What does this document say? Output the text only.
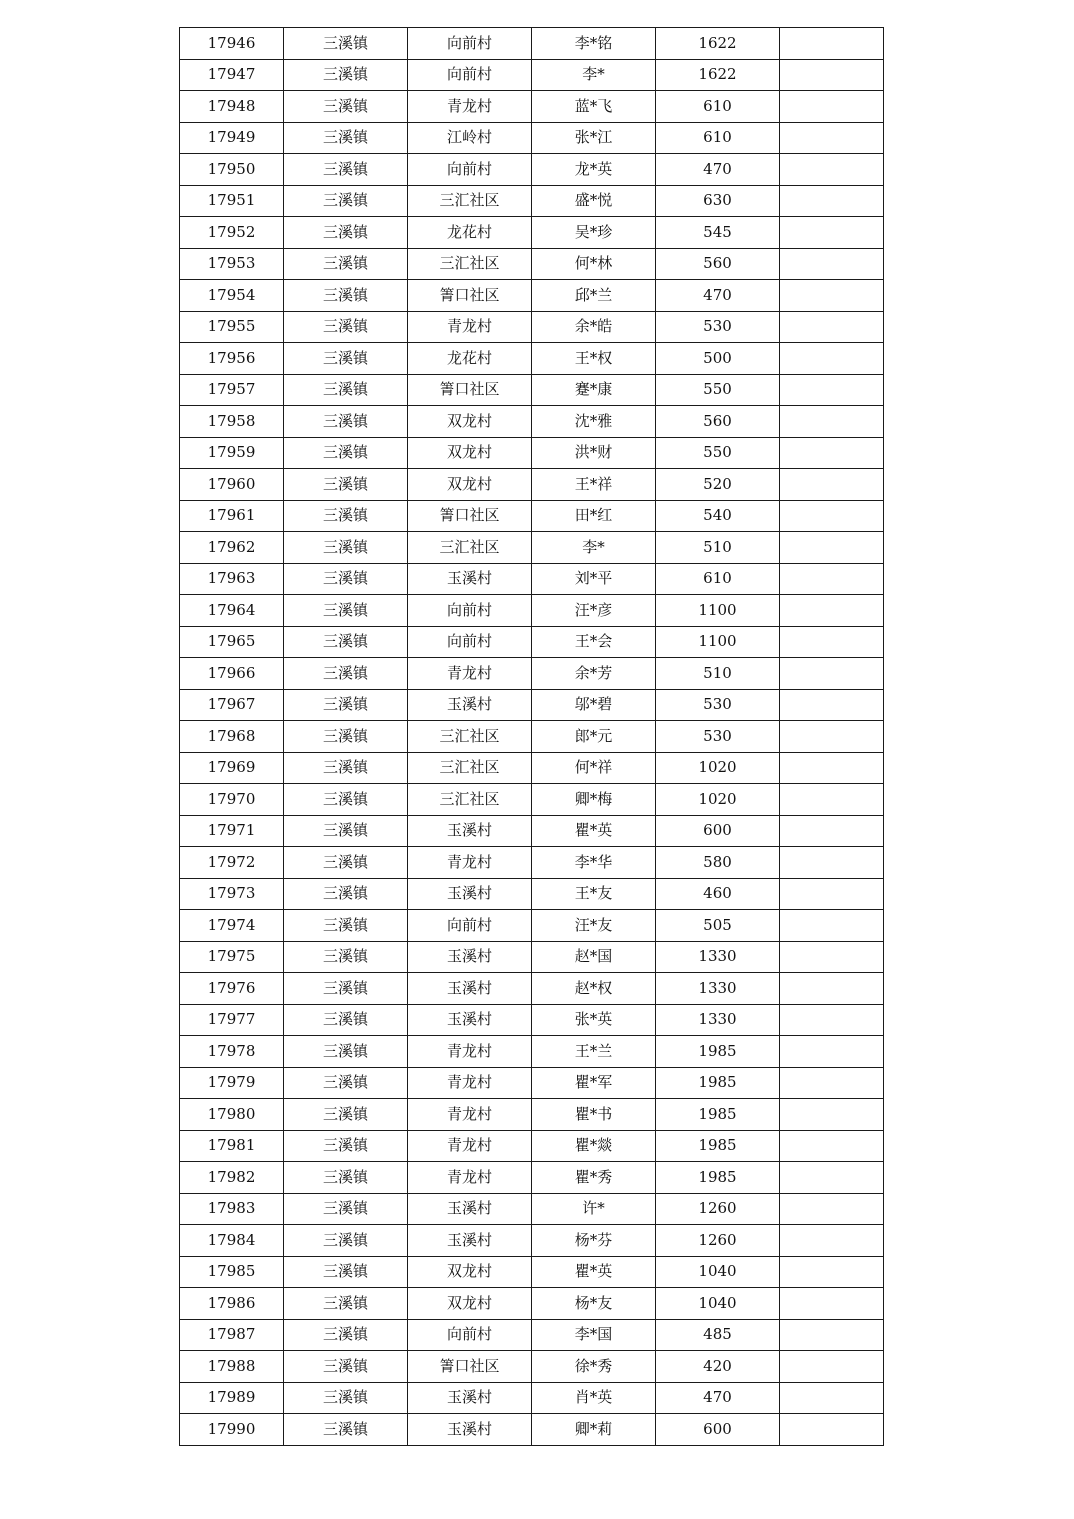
17946	三溪镇	向前村	李*铭	1622	
17947	三溪镇	向前村	李*	1622	
17948	三溪镇	青龙村	蓝*飞	610	
17949	三溪镇	江岭村	张*江	610	
17950	三溪镇	向前村	龙*英	470	
17951	三溪镇	三汇社区	盛*悦	630	
17952	三溪镇	龙花村	吴*珍	545	
17953	三溪镇	三汇社区	何*林	560	
17954	三溪镇	箐口社区	邱*兰	470	
17955	三溪镇	青龙村	余*皓	530	
17956	三溪镇	龙花村	王*权	500	
17957	三溪镇	箐口社区	蹇*康	550	
17958	三溪镇	双龙村	沈*雅	560	
17959	三溪镇	双龙村	洪*财	550	
17960	三溪镇	双龙村	王*祥	520	
17961	三溪镇	箐口社区	田*红	540	
17962	三溪镇	三汇社区	李*	510	
17963	三溪镇	玉溪村	刘*平	610	
17964	三溪镇	向前村	汪*彦	1100	
17965	三溪镇	向前村	王*会	1100	
17966	三溪镇	青龙村	余*芳	510	
17967	三溪镇	玉溪村	邬*碧	530	
17968	三溪镇	三汇社区	郎*元	530	
17969	三溪镇	三汇社区	何*祥	1020	
17970	三溪镇	三汇社区	卿*梅	1020	
17971	三溪镇	玉溪村	瞿*英	600	
17972	三溪镇	青龙村	李*华	580	
17973	三溪镇	玉溪村	王*友	460	
17974	三溪镇	向前村	汪*友	505	
17975	三溪镇	玉溪村	赵*国	1330	
17976	三溪镇	玉溪村	赵*权	1330	
17977	三溪镇	玉溪村	张*英	1330	
17978	三溪镇	青龙村	王*兰	1985	
17979	三溪镇	青龙村	瞿*军	1985	
17980	三溪镇	青龙村	瞿*书	1985	
17981	三溪镇	青龙村	瞿*燚	1985	
17982	三溪镇	青龙村	瞿*秀	1985	
17983	三溪镇	玉溪村	许*	1260	
17984	三溪镇	玉溪村	杨*芬	1260	
17985	三溪镇	双龙村	瞿*英	1040	
17986	三溪镇	双龙村	杨*友	1040	
17987	三溪镇	向前村	李*国	485	
17988	三溪镇	箐口社区	徐*秀	420	
17989	三溪镇	玉溪村	肖*英	470	
17990	三溪镇	玉溪村	卿*莉	600	
